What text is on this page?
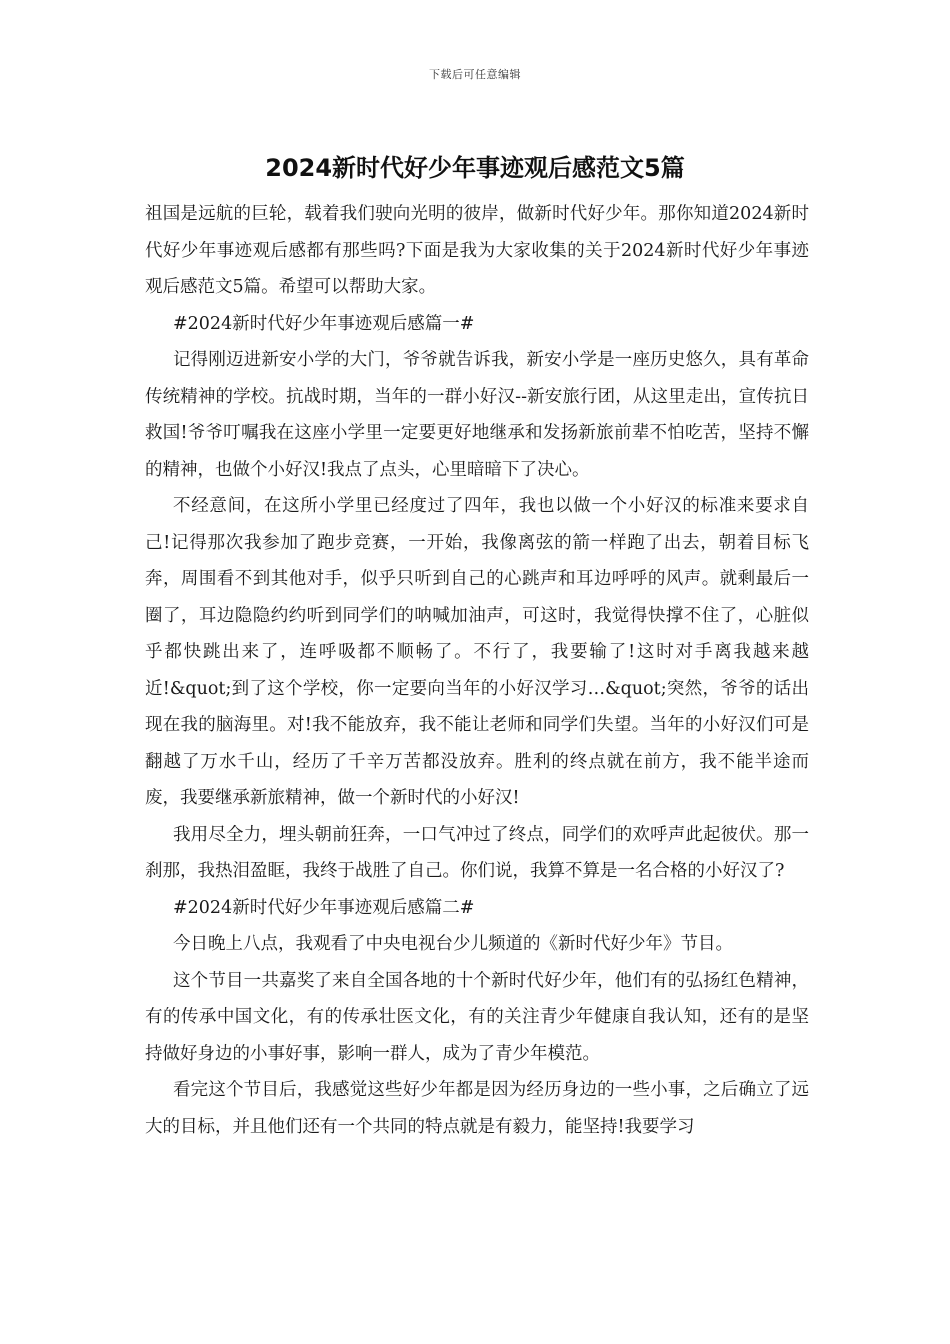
下载后可任意编辑
2024新时代好少年事迹观后感范文5篇

祖国是远航的巨轮，载着我们驶向光明的彼岸，做新时代好少年。那你知道2024新时代好少年事迹观后感都有那些吗?下面是我为大家收集的关于2024新时代好少年事迹观后感范文5篇。希望可以帮助大家。

#2024新时代好少年事迹观后感篇一#

记得刚迈进新安小学的大门，爷爷就告诉我，新安小学是一座历史悠久，具有革命传统精神的学校。抗战时期，当年的一群小好汉--新安旅行团，从这里走出，宣传抗日救国!爷爷叮嘱我在这座小学里一定要更好地继承和发扬新旅前辈不怕吃苦，坚持不懈的精神，也做个小好汉!我点了点头，心里暗暗下了决心。

不经意间，在这所小学里已经度过了四年，我也以做一个小好汉的标准来要求自己!记得那次我参加了跑步竞赛，一开始，我像离弦的箭一样跑了出去，朝着目标飞奔，周围看不到其他对手，似乎只听到自己的心跳声和耳边呼呼的风声。就剩最后一圈了，耳边隐隐约约听到同学们的呐喊加油声，可这时，我觉得快撑不住了，心脏似乎都快跳出来了，连呼吸都不顺畅了。不行了，我要输了!这时对手离我越来越近!&quot;到了这个学校，你一定要向当年的小好汉学习…&quot;突然，爷爷的话出现在我的脑海里。对!我不能放弃，我不能让老师和同学们失望。当年的小好汉们可是翻越了万水千山，经历了千辛万苦都没放弃。胜利的终点就在前方，我不能半途而废，我要继承新旅精神，做一个新时代的小好汉!

我用尽全力，埋头朝前狂奔，一口气冲过了终点，同学们的欢呼声此起彼伏。那一刹那，我热泪盈眶，我终于战胜了自己。你们说，我算不算是一名合格的小好汉了?

#2024新时代好少年事迹观后感篇二#

今日晚上八点，我观看了中央电视台少儿频道的《新时代好少年》节目。

这个节目一共嘉奖了来自全国各地的十个新时代好少年，他们有的弘扬红色精神，有的传承中国文化，有的传承壮医文化，有的关注青少年健康自我认知，还有的是坚持做好身边的小事好事，影响一群人，成为了青少年模范。

看完这个节目后，我感觉这些好少年都是因为经历身边的一些小事，之后确立了远大的目标，并且他们还有一个共同的特点就是有毅力，能坚持!我要学习
